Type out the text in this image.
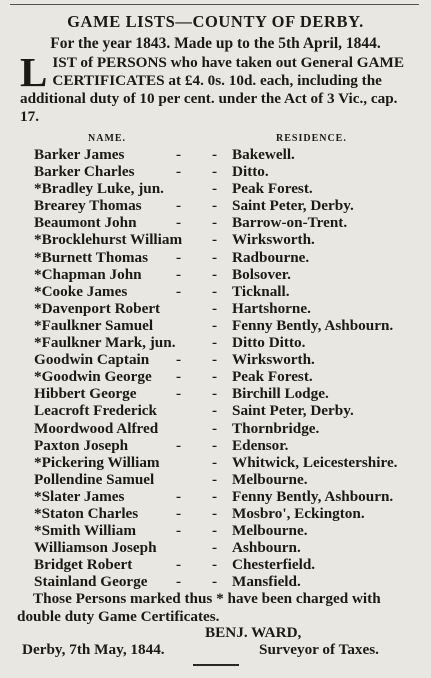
GAME LISTS—COUNTY OF DERBY.
For the year 1843. Made up to the 5th April, 1844.
LIST of PERSONS who have taken out General GAME CERTIFICATES at £4. 0s. 10d. each, including the additional duty of 10 per cent. under the Act of 3 Vic., cap. 17.
NAME.	RESIDENCE.
Barker James	- - Bakewell.
Barker Charles	- - Ditto.
*Bradley Luke, jun.	- Peak Forest.
Brearey Thomas - - Saint Peter, Derby.
Beaumont John	- - Barrow-on-Trent.
*Brocklehurst William - Wirksworth.
*Burnett Thomas - - Radbourne.
*Chapman John - - Bolsover.
*Cooke James	- - Ticknall.
*Davenport Robert	- Hartshorne.
*Faulkner Samuel	- Fenny Bently, Ashbourn.
*Faulkner Mark, jun. - Ditto Ditto.
Goodwin Captain - - Wirksworth.
*Goodwin George - - Peak Forest.
Hibbert George	- - Birchill Lodge.
Leacroft Frederick	- Saint Peter, Derby.
Moordwood Alfred	- Thornbridge.
Paxton Joseph	- - Edensor.
*Pickering William	- Whitwick, Leicestershire.
Pollendine Samuel	- Melbourne.
*Slater James	- - Fenny Bently, Ashbourn.
*Staton Charles - - Mosbro', Eckington.
*Smith William	- - Melbourne.
Williamson Joseph	- Ashbourn.
Bridget Robert	- - Chesterfield.
Stainland George - - Mansfield.
Those Persons marked thus * have been charged with
double duty Game Certificates.
BENJ. WARD,
Derby, 7th May, 1844.	Surveyor of Taxes.
